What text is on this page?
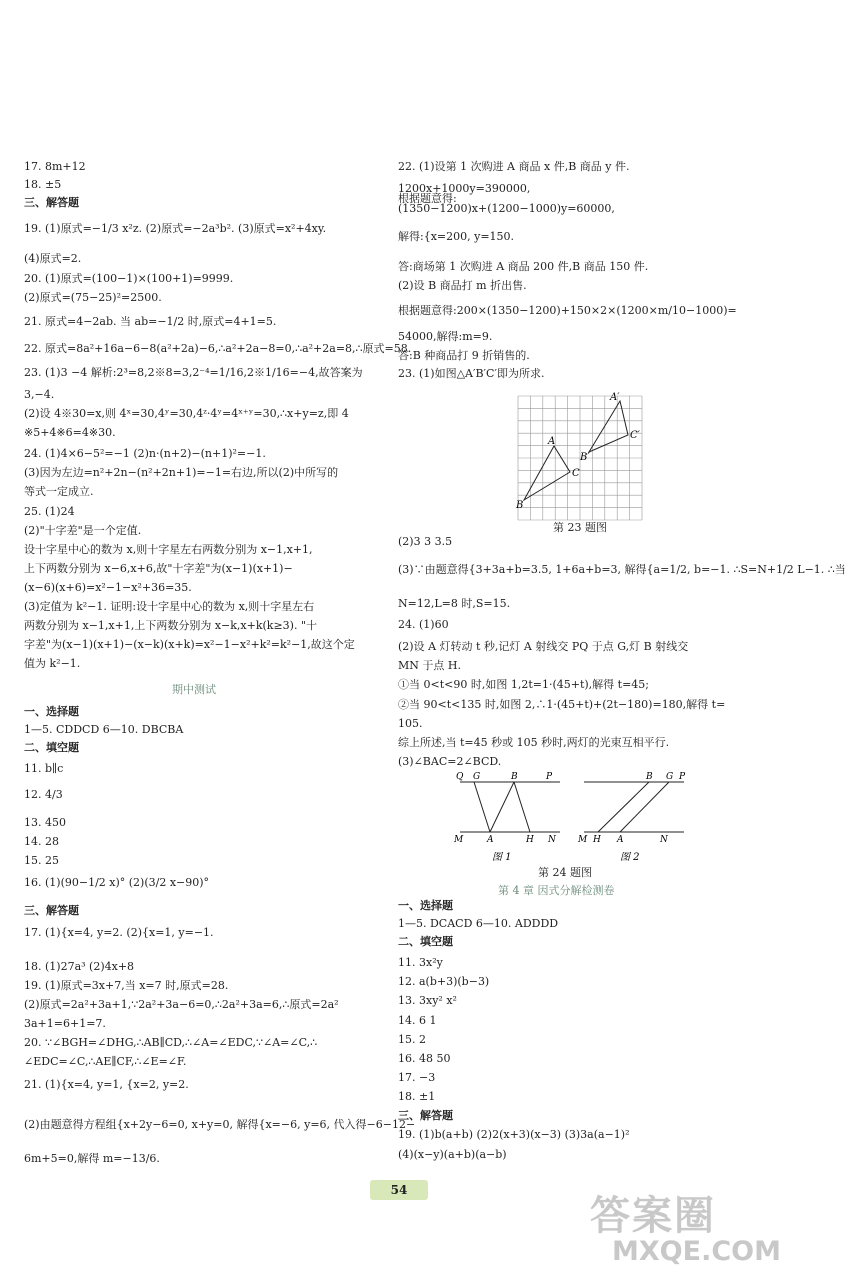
17. 8m+12
18. ±5
三、解答题
19. (1)原式=−1/3 x²z. (2)原式=−2a³b². (3)原式=x²+4xy.
(4)原式=2.
20. (1)原式=(100−1)×(100+1)=9999.
(2)原式=(75−25)²=2500.
21. 原式=4−2ab. 当 ab=−1/2 时,原式=4+1=5.
22. 原式=8a²+16a−6−8(a²+2a)−6,∴a²+2a−8=0,∴a²+2a=8,∴原式=58.
23. (1)3 −4 解析:2³=8,2※8=3,2⁻⁴=1/16,2※1/16=−4,故答案为
3,−4.
(2)设 4※30=x,则 4ˣ=30,4ʸ=30,4ᶻ·4ʸ=4ˣ⁺ʸ=30,∴x+y=z,即 4
※5+4※6=4※30.
24. (1)4×6−5²=−1 (2)n·(n+2)−(n+1)²=−1.
(3)因为左边=n²+2n−(n²+2n+1)=−1=右边,所以(2)中所写的
等式一定成立.
25. (1)24
(2)"十字差"是一个定值.
设十字星中心的数为 x,则十字星左右两数分别为 x−1,x+1,
上下两数分别为 x−6,x+6,故"十字差"为(x−1)(x+1)−
(x−6)(x+6)=x²−1−x²+36=35.
(3)定值为 k²−1. 证明:设十字星中心的数为 x,则十字星左右
两数分别为 x−1,x+1,上下两数分别为 x−k,x+k(k≥3). "十
字差"为(x−1)(x+1)−(x−k)(x+k)=x²−1−x²+k²=k²−1,故这个定
值为 k²−1.
一、选择题
1—5. CDDCD 6—10. DBCBA
二、填空题
11. b∥c
12. 4/3
13. 450
14. 28
15. 25
16. (1)(90−1/2 x)° (2)(3/2 x−90)°
三、解答题
17. (1){x=4, y=2. (2){x=1, y=−1.
18. (1)27a³ (2)4x+8
19. (1)原式=3x+7,当 x=7 时,原式=28.
(2)原式=2a²+3a+1,∵2a²+3a−6=0,∴2a²+3a=6,∴原式=2a²
3a+1=6+1=7.
20. ∵∠BGH=∠DHG,∴AB∥CD,∴∠A=∠EDC,∵∠A=∠C,∴
∠EDC=∠C,∴AE∥CF,∴∠E=∠F.
21. (1){x=4, y=1, {x=2, y=2.
(2)由题意得方程组{x+2y−6=0, x+y=0, 解得{x=−6, y=6, 代入得−6−12−
6m+5=0,解得 m=−13/6.
22. (1)设第 1 次购进 A 商品 x 件,B 商品 y 件.
1200x+1000y=390000,
根据题意得:
(1350−1200)x+(1200−1000)y=60000,
解得:{x=200, y=150.
答:商场第 1 次购进 A 商品 200 件,B 商品 150 件.
(2)设 B 商品打 m 折出售.
根据题意得:200×(1350−1200)+150×2×(1200×m/10−1000)=
54000,解得:m=9.
答:B 种商品打 9 折销售的.
23. (1)如图△A′B′C′即为所求.
(2)3 3 3.5
(3)∵由题意得{3+3a+b=3.5, 1+6a+b=3, 解得{a=1/2, b=−1. ∴S=N+1/2 L−1. ∴当
N=12,L=8 时,S=15.
24. (1)60
(2)设 A 灯转动 t 秒,记灯 A 射线交 PQ 于点 G,灯 B 射线交
MN 于点 H.
①当 0<t<90 时,如图 1,2t=1·(45+t),解得 t=45;
②当 90<t<135 时,如图 2,∴1·(45+t)+(2t−180)=180,解得 t=
105.
综上所述,当 t=45 秒或 105 秒时,两灯的光束互相平行.
(3)∠BAC=2∠BCD.
一、选择题
1—5. DCACD 6—10. ADDDD
二、填空题
11. 3x²y
12. a(b+3)(b−3)
13. 3xy² x²
14. 6 1
15. 2
16. 48 50
17. −3
18. ±1
三、解答题
19. (1)b(a+b) (2)2(x+3)(x−3) (3)3a(a−1)²
(4)(x−y)(a+b)(a−b)
期中测试
A
B
C
A′
B′
C′
第 23 题图
Q G	B	P
M	A	H N
B G P
M H A	N
图 1	图 2
第 24 题图
第 4 章 因式分解检测卷
54
答案圈
MXQE.COM
